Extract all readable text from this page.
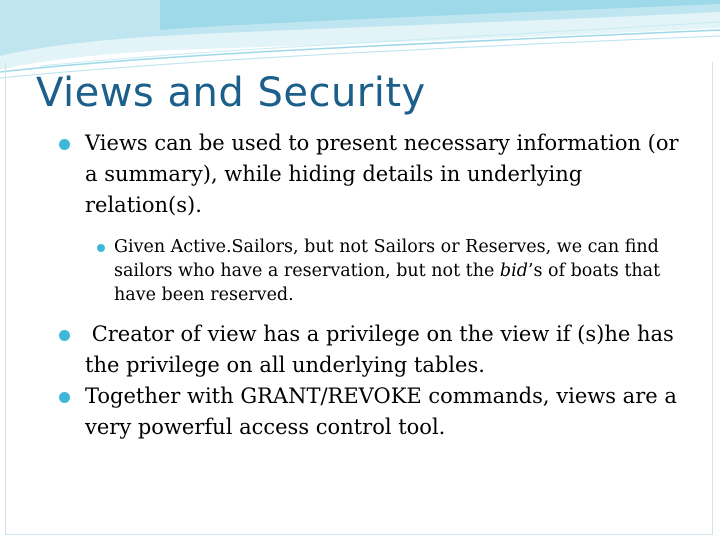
Views and Security
Views can be used to present necessary information (or a summary), while hiding details in underlying relation(s).
Given Active.Sailors, but not Sailors or Reserves, we can find sailors who have a reservation, but not the bid’s of boats that have been reserved.
Creator of view has a privilege on the view if (s)he has the privilege on all underlying tables.
Together with GRANT/REVOKE commands, views are a very powerful access control tool.
